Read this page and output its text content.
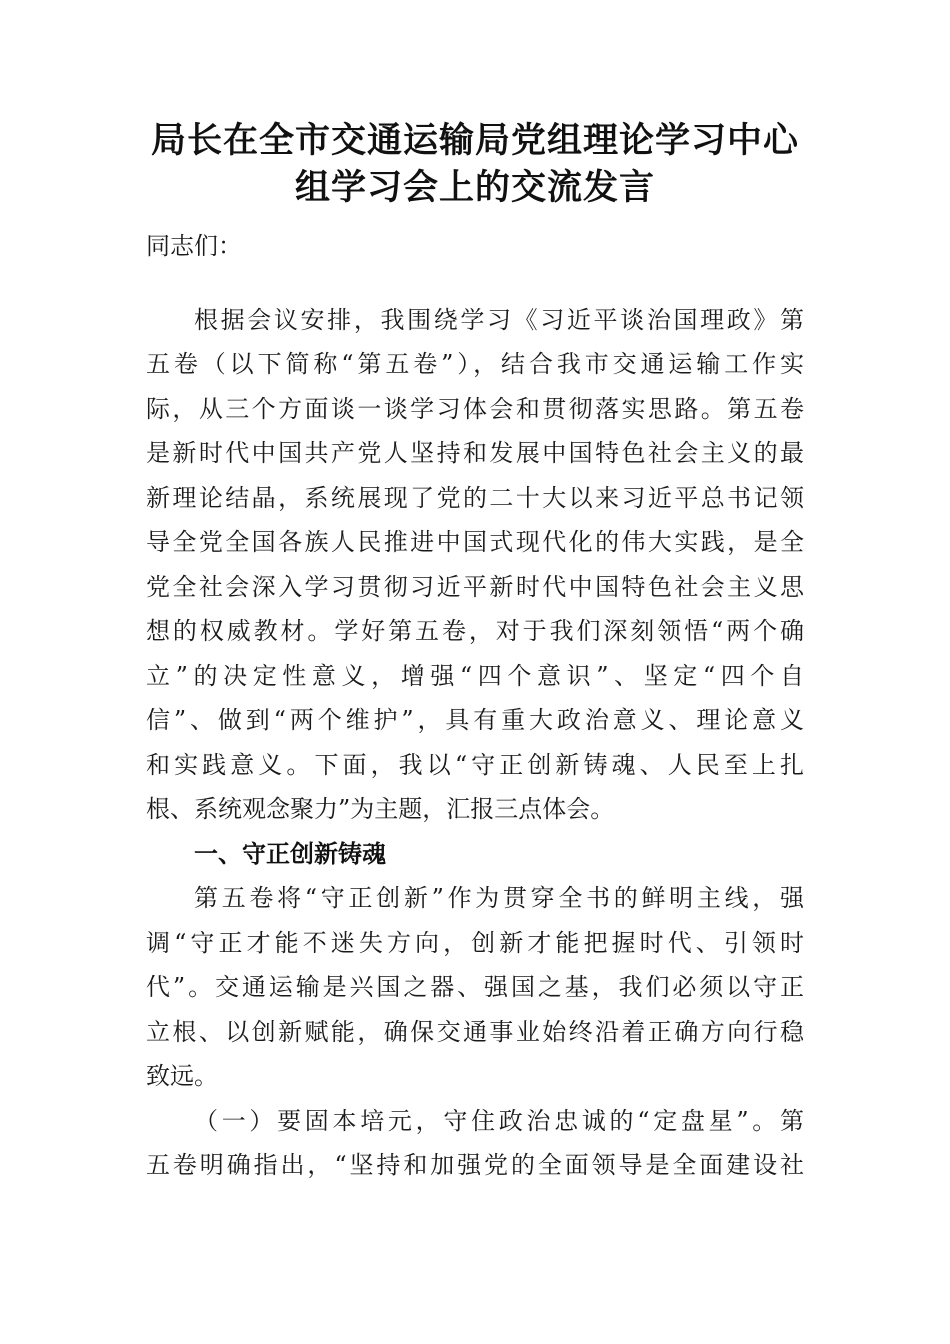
局长在全市交通运输局党组理论学习中心
组学习会上的交流发言
同志们：
根据会议安排，我围绕学习《习近平谈治国理政》第
五卷（以下简称“第五卷”），结合我市交通运输工作实
际，从三个方面谈一谈学习体会和贯彻落实思路。第五卷
是新时代中国共产党人坚持和发展中国特色社会主义的最
新理论结晶，系统展现了党的二十大以来习近平总书记领
导全党全国各族人民推进中国式现代化的伟大实践，是全
党全社会深入学习贯彻习近平新时代中国特色社会主义思
想的权威教材。学好第五卷，对于我们深刻领悟“两个确
立”的决定性意义，增强“四个意识”、坚定“四个自
信”、做到“两个维护”，具有重大政治意义、理论意义
和实践意义。下面，我以“守正创新铸魂、人民至上扎
根、系统观念聚力”为主题，汇报三点体会。
一、守正创新铸魂
第五卷将“守正创新”作为贯穿全书的鲜明主线，强
调“守正才能不迷失方向，创新才能把握时代、引领时
代”。交通运输是兴国之器、强国之基，我们必须以守正
立根、以创新赋能，确保交通事业始终沿着正确方向行稳
致远。
（一）要固本培元，守住政治忠诚的“定盘星”。第
五卷明确指出，“坚持和加强党的全面领导是全面建设社
